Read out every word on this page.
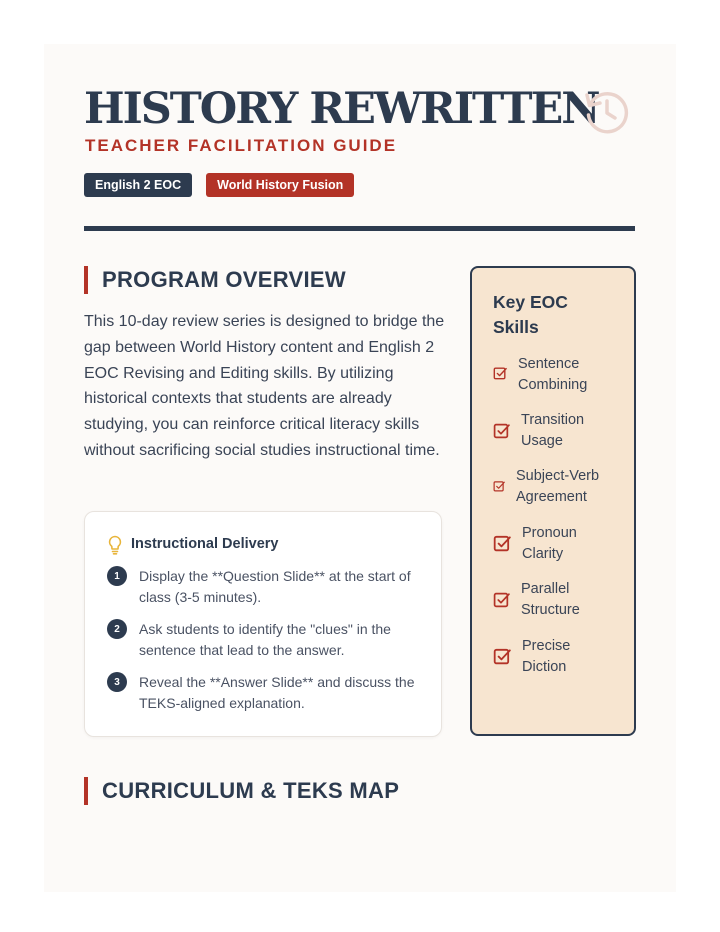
HISTORY REWRITTEN
TEACHER FACILITATION GUIDE
English 2 EOC	World History Fusion
PROGRAM OVERVIEW

This 10-day review series is designed to bridge the gap between World History content and English 2 EOC Revising and Editing skills. By utilizing historical contexts that students are already studying, you can reinforce critical literacy skills without sacrificing social studies instructional time.

Instructional Delivery
1	Display the **Question Slide** at the start of class (3-5 minutes).
2	Ask students to identify the "clues" in the sentence that lead to the answer.
3	Reveal the **Answer Slide** and discuss the TEKS-aligned explanation.
Key EOC Skills
Sentence Combining
Transition Usage
Subject-Verb Agreement
Pronoun Clarity
Parallel Structure
Precise Diction
CURRICULUM & TEKS MAP
